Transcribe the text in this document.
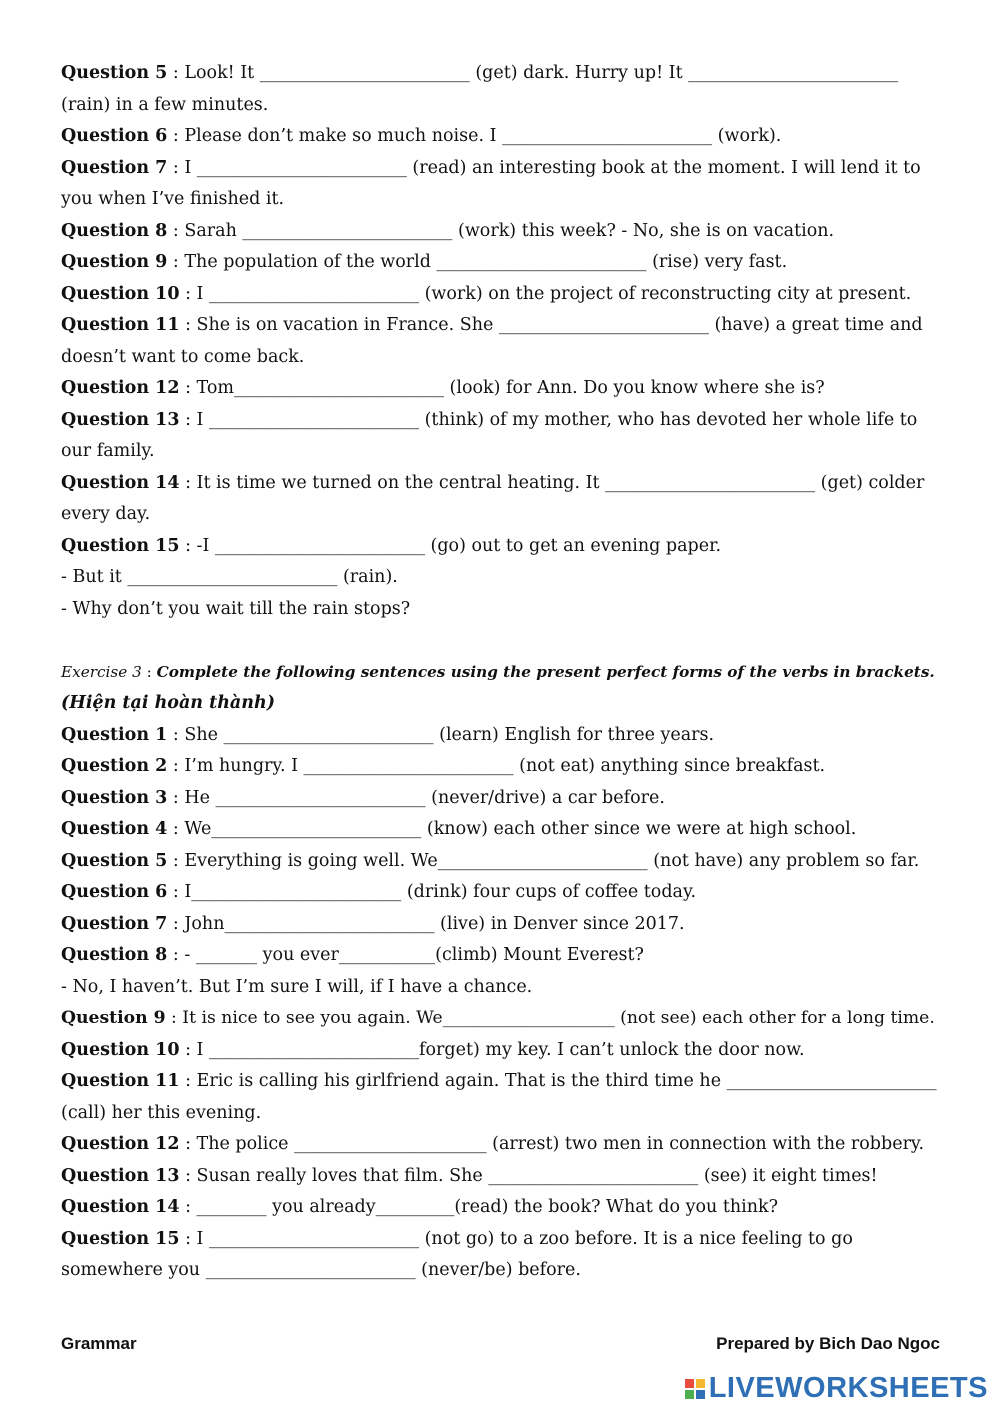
Question 5 : Look! It ________________________ (get) dark. Hurry up! It ________________________
(rain) in a few minutes.
Question 6 : Please don’t make so much noise. I ________________________ (work).
Question 7 : I ________________________ (read) an interesting book at the moment. I will lend it to
you when I’ve finished it.
Question 8 : Sarah ________________________ (work) this week? - No, she is on vacation.
Question 9 : The population of the world ________________________ (rise) very fast.
Question 10 : I ________________________ (work) on the project of reconstructing city at present.
Question 11 : She is on vacation in France. She ________________________ (have) a great time and
doesn’t want to come back.
Question 12 : Tom________________________ (look) for Ann. Do you know where she is?
Question 13 : I ________________________ (think) of my mother, who has devoted her whole life to
our family.
Question 14 : It is time we turned on the central heating. It ________________________ (get) colder
every day.
Question 15 : -I ________________________ (go) out to get an evening paper.
- But it ________________________ (rain).
- Why don’t you wait till the rain stops?
Exercise 3 : Complete the following sentences using the present perfect forms of the verbs in brackets.
(Hiện tại hoàn thành)
Question 1 : She ________________________ (learn) English for three years.
Question 2 : I’m hungry. I ________________________ (not eat) anything since breakfast.
Question 3 : He ________________________ (never/drive) a car before.
Question 4 : We________________________ (know) each other since we were at high school.
Question 5 : Everything is going well. We________________________ (not have) any problem so far.
Question 6 : I________________________ (drink) four cups of coffee today.
Question 7 : John________________________ (live) in Denver since 2017.
Question 8 : - _______ you ever___________(climb) Mount Everest?
- No, I haven’t. But I’m sure I will, if I have a chance.
Question 9 : It is nice to see you again. We____________________ (not see) each other for a long time.
Question 10 : I ________________________forget) my key. I can’t unlock the door now.
Question 11 : Eric is calling his girlfriend again. That is the third time he ________________________
(call) her this evening.
Question 12 : The police ______________________ (arrest) two men in connection with the robbery.
Question 13 : Susan really loves that film. She ________________________ (see) it eight times!
Question 14 : ________ you already_________(read) the book? What do you think?
Question 15 : I ________________________ (not go) to a zoo before. It is a nice feeling to go
somewhere you ________________________ (never/be) before.
Grammar	Prepared by Bich Dao Ngoc
LIVEWORKSHEETS
